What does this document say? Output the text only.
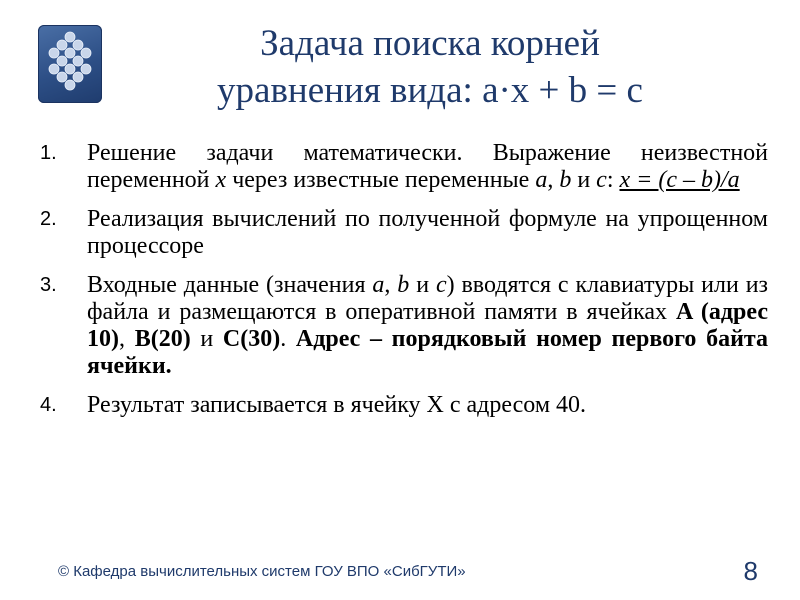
Задача поиска корней
уравнения вида: a·x + b = c
1. Решение задачи математически. Выражение неизвестной переменной x через известные переменные a, b и c: x = (c – b)/a
2. Реализация вычислений по полученной формуле на упрощенном процессоре
3. Входные данные (значения a, b и c) вводятся с клавиатуры или из файла и размещаются в оперативной памяти в ячейках A (адрес 10), B(20) и C(30). Адрес – порядковый номер первого байта ячейки.
4. Результат записывается в ячейку X с адресом 40.
© Кафедра вычислительных систем ГОУ ВПО «СибГУТИ»	8
